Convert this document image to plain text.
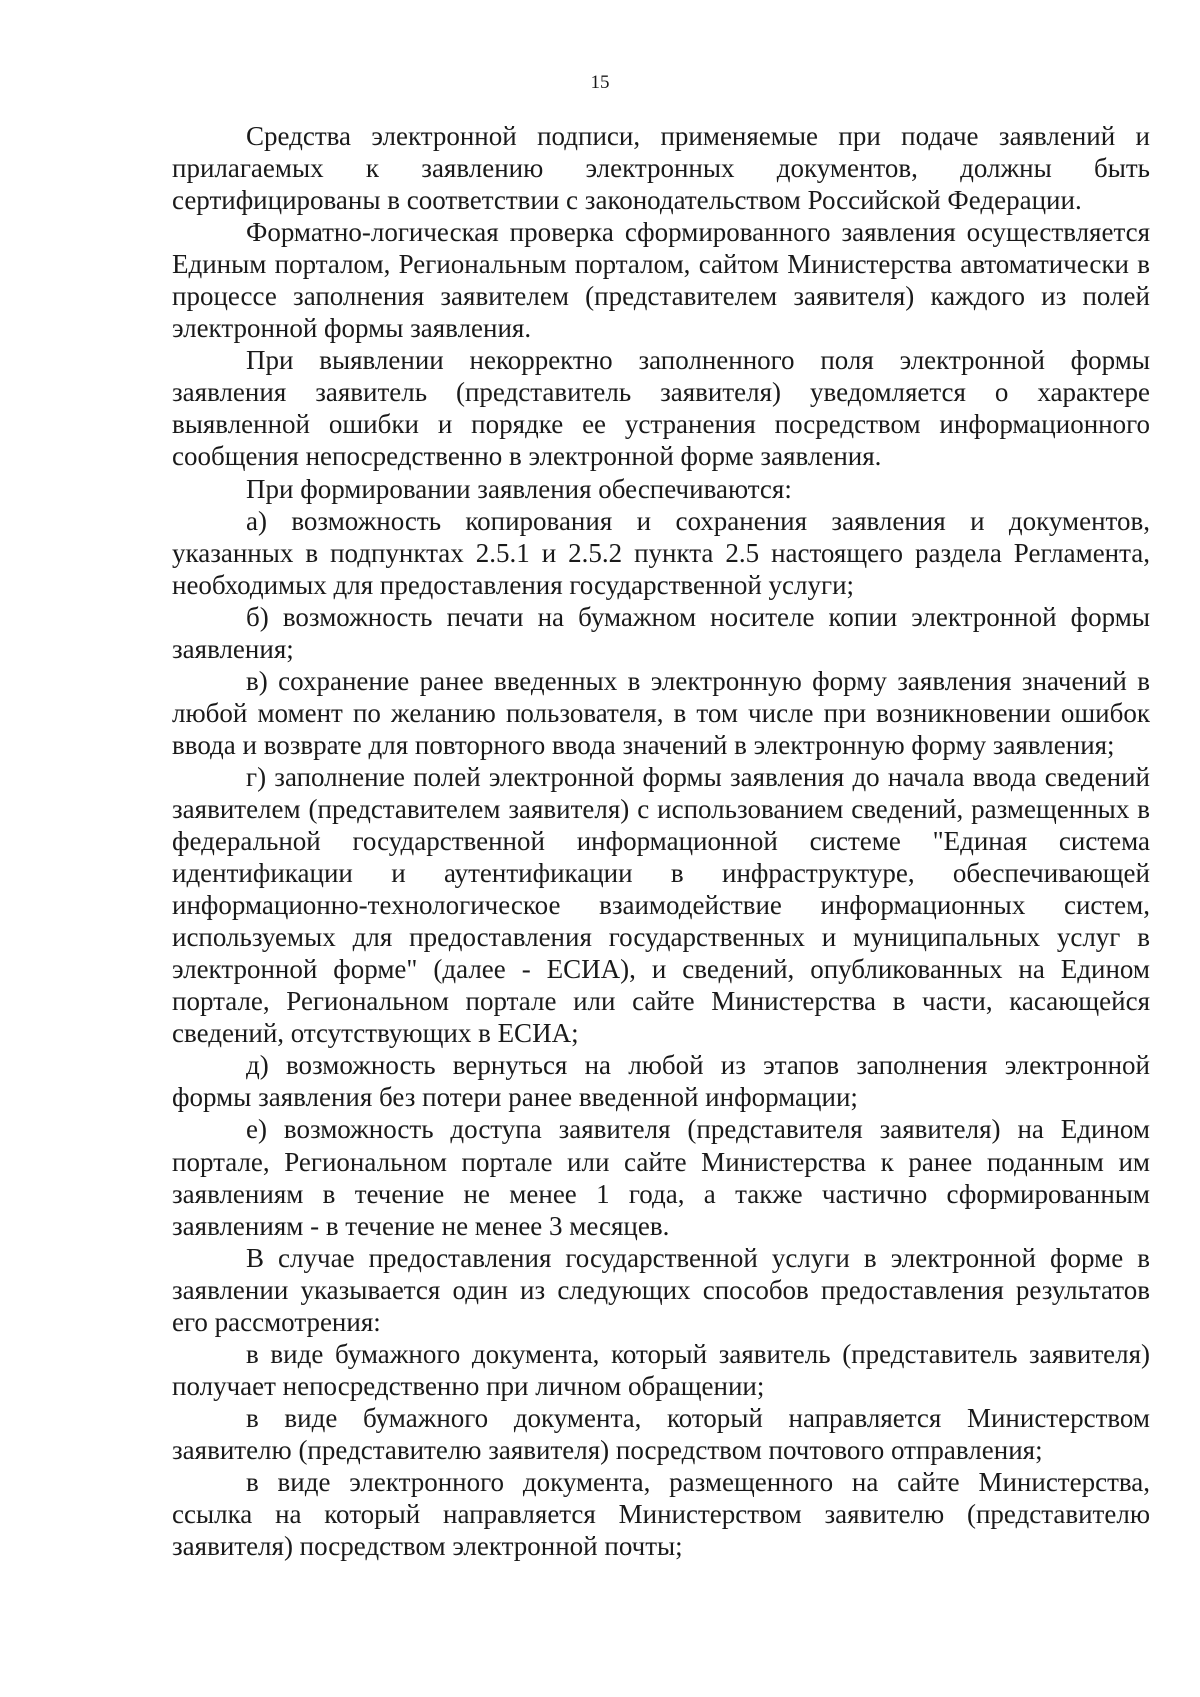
15

Средства электронной подписи, применяемые при подаче заявлений и прилагаемых к заявлению электронных документов, должны быть сертифицированы в соответствии с законодательством Российской Федерации.

Форматно-логическая проверка сформированного заявления осуществляется Единым порталом, Региональным порталом, сайтом Министерства автоматически в процессе заполнения заявителем (представителем заявителя) каждого из полей электронной формы заявления.

При выявлении некорректно заполненного поля электронной формы заявления заявитель (представитель заявителя) уведомляется о характере выявленной ошибки и порядке ее устранения посредством информационного сообщения непосредственно в электронной форме заявления.

При формировании заявления обеспечиваются:

а) возможность копирования и сохранения заявления и документов, указанных в подпунктах 2.5.1 и 2.5.2 пункта 2.5 настоящего раздела Регламента, необходимых для предоставления государственной услуги;

б) возможность печати на бумажном носителе копии электронной формы заявления;

в) сохранение ранее введенных в электронную форму заявления значений в любой момент по желанию пользователя, в том числе при возникновении ошибок ввода и возврате для повторного ввода значений в электронную форму заявления;

г) заполнение полей электронной формы заявления до начала ввода сведений заявителем (представителем заявителя) с использованием сведений, размещенных в федеральной государственной информационной системе "Единая система идентификации и аутентификации в инфраструктуре, обеспечивающей информационно-технологическое взаимодействие информационных систем, используемых для предоставления государственных и муниципальных услуг в электронной форме" (далее - ЕСИА), и сведений, опубликованных на Едином портале, Региональном портале или сайте Министерства в части, касающейся сведений, отсутствующих в ЕСИА;

д) возможность вернуться на любой из этапов заполнения электронной формы заявления без потери ранее введенной информации;

е) возможность доступа заявителя (представителя заявителя) на Едином портале, Региональном портале или сайте Министерства к ранее поданным им заявлениям в течение не менее 1 года, а также частично сформированным заявлениям - в течение не менее 3 месяцев.

В случае предоставления государственной услуги в электронной форме в заявлении указывается один из следующих способов предоставления результатов его рассмотрения:

в виде бумажного документа, который заявитель (представитель заявителя) получает непосредственно при личном обращении;

в виде бумажного документа, который направляется Министерством заявителю (представителю заявителя) посредством почтового отправления;

в виде электронного документа, размещенного на сайте Министерства, ссылка на который направляется Министерством заявителю (представителю заявителя) посредством электронной почты;
